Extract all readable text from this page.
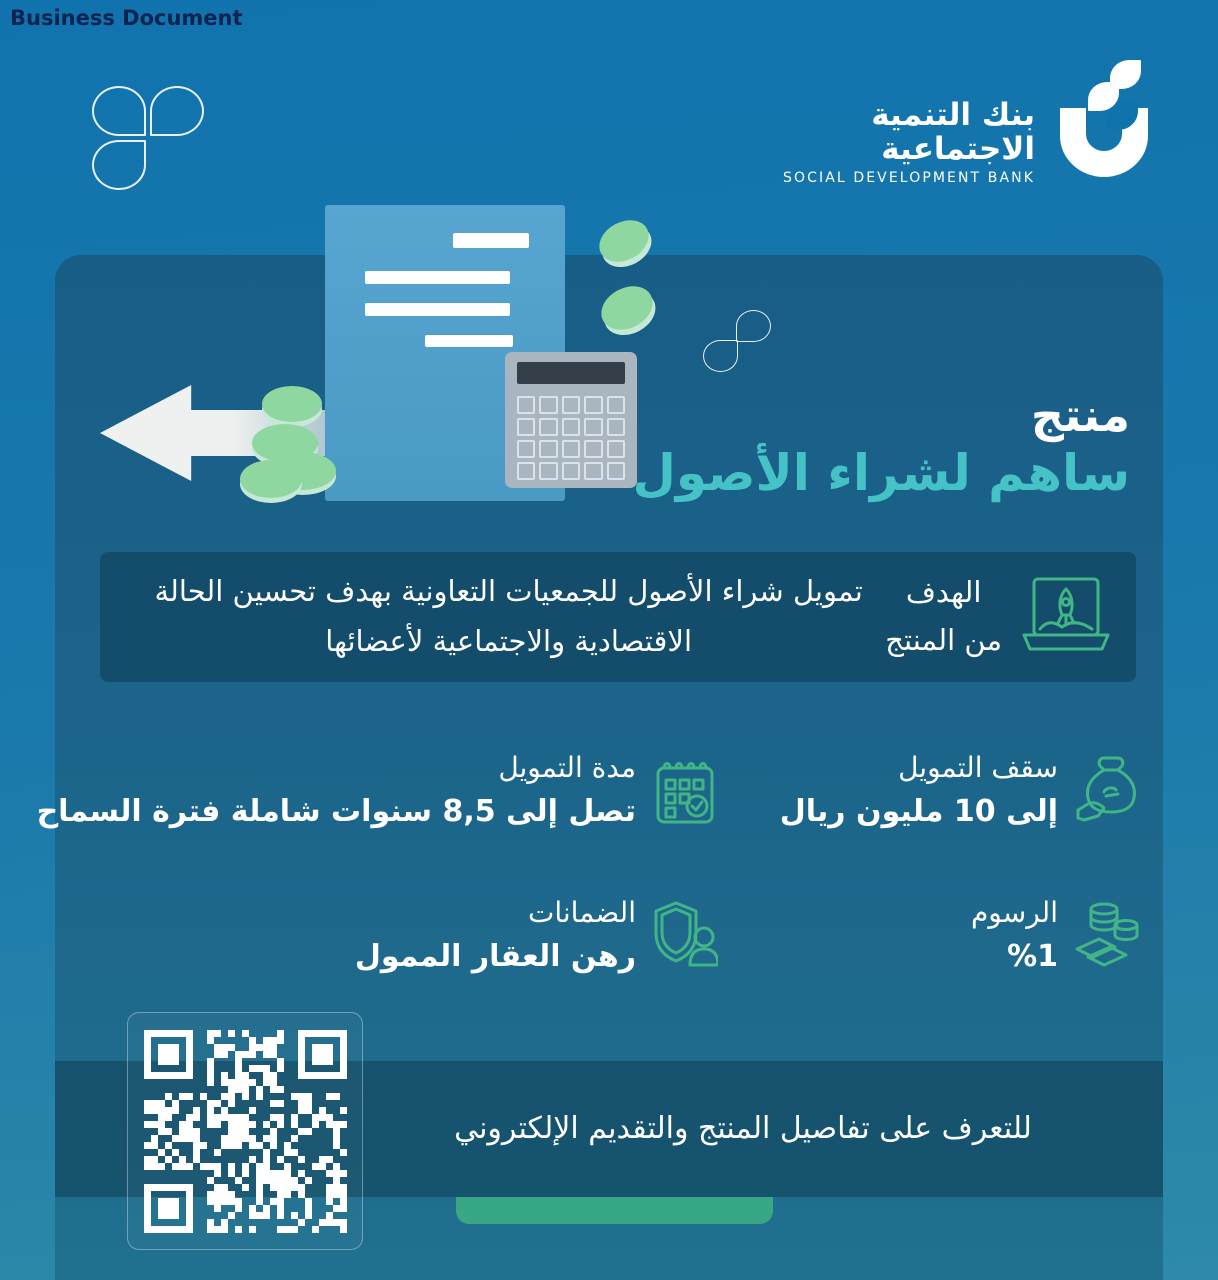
Business Document
بنك التنمية الاجتماعية
SOCIAL DEVELOPMENT BANK
منتج
ساهم لشراء الأصول
الهدف
من المنتج
تمويل شراء الأصول للجمعيات التعاونية بهدف تحسين الحالة الاقتصادية والاجتماعية لأعضائها
سقف التمويل
إلى 10 مليون ريال
مدة التمويل
تصل إلى 8,5 سنوات شاملة فترة السماح
الرسوم
%1
الضمانات
رهن العقار الممول
للتعرف على تفاصيل المنتج والتقديم الإلكتروني
